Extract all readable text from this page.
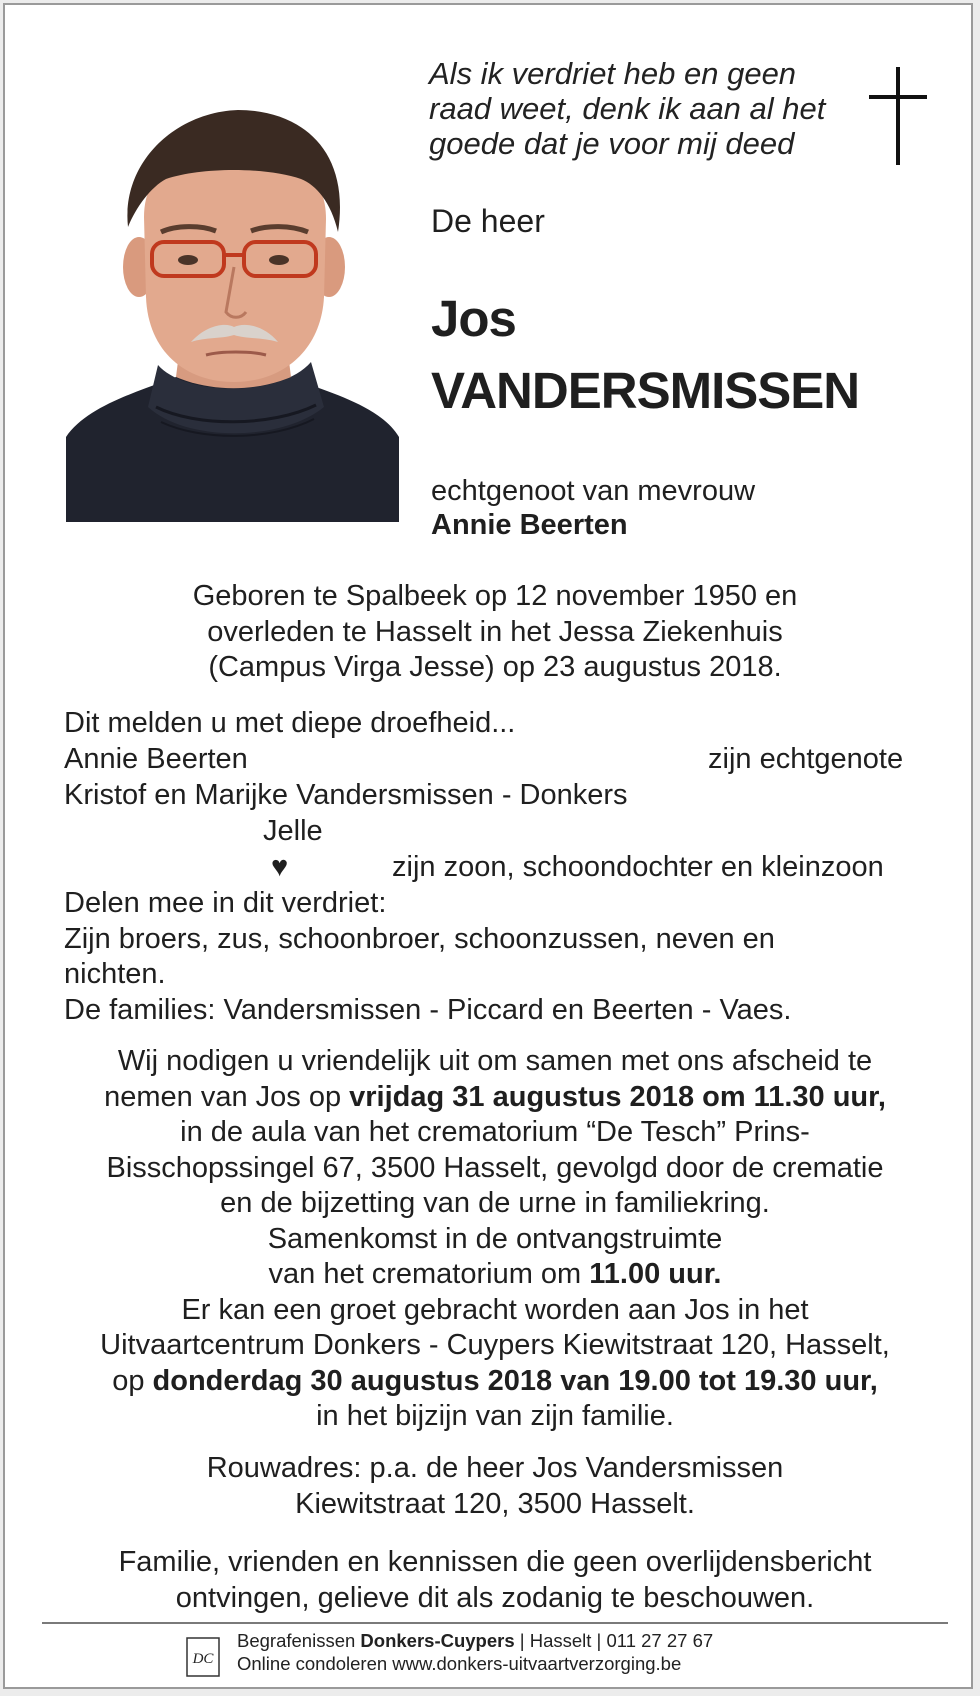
Als ik verdriet heb en geen
raad weet, denk ik aan al het
goede dat je voor mij deed
De heer
Jos
VANDERSMISSEN
echtgenoot van mevrouw
Annie Beerten
Geboren te Spalbeek op 12 november 1950 en
overleden te Hasselt in het Jessa Ziekenhuis
(Campus Virga Jesse) op 23 augustus 2018.
Dit melden u met diepe droefheid...
Annie Beerten	zijn echtgenote
Kristof en Marijke Vandersmissen - Donkers
Jelle
♥	zijn zoon, schoondochter en kleinzoon
Delen mee in dit verdriet:
Zijn broers, zus, schoonbroer, schoonzussen, neven en
nichten.
De families: Vandersmissen - Piccard en Beerten - Vaes.
Wij nodigen u vriendelijk uit om samen met ons afscheid te
nemen van Jos op vrijdag 31 augustus 2018 om 11.30 uur,
in de aula van het crematorium “De Tesch” Prins-
Bisschopssingel 67, 3500 Hasselt, gevolgd door de crematie
en de bijzetting van de urne in familiekring.
Samenkomst in de ontvangstruimte
van het crematorium om 11.00 uur.
Er kan een groet gebracht worden aan Jos in het
Uitvaartcentrum Donkers - Cuypers Kiewitstraat 120, Hasselt,
op donderdag 30 augustus 2018 van 19.00 tot 19.30 uur,
in het bijzijn van zijn familie.
Rouwadres: p.a. de heer Jos Vandersmissen
Kiewitstraat 120, 3500 Hasselt.
Familie, vrienden en kennissen die geen overlijdensbericht
ontvingen, gelieve dit als zodanig te beschouwen.
DC
Begrafenissen Donkers-Cuypers | Hasselt | 011 27 27 67
Online condoleren www.donkers-uitvaartverzorging.be
